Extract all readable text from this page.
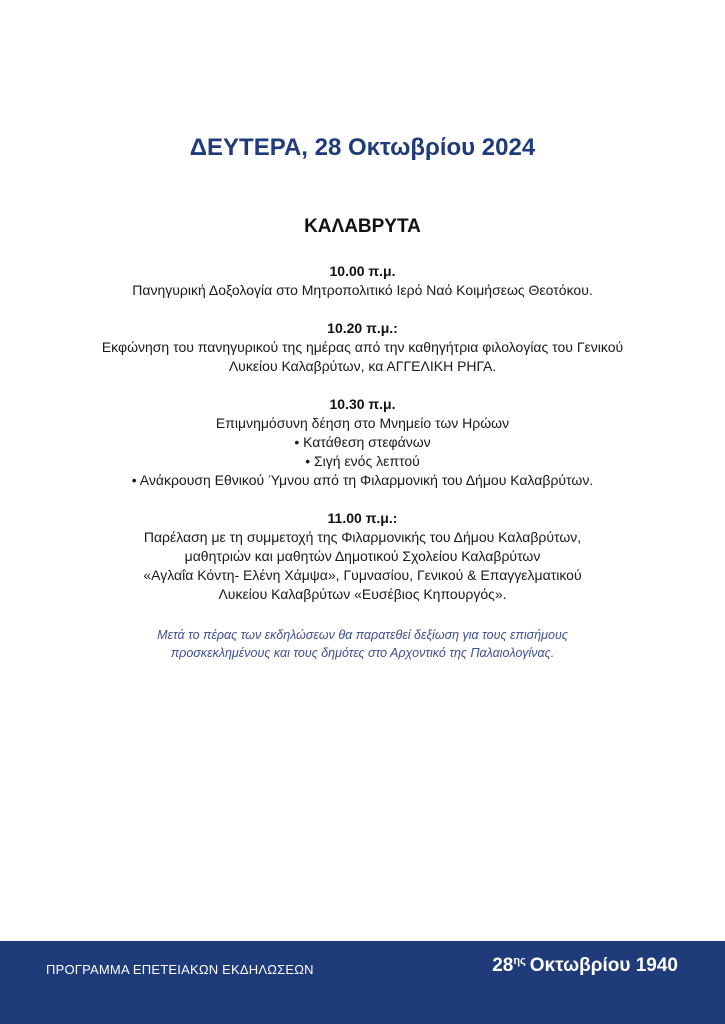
ΔΕΥΤΕΡΑ, 28 Οκτωβρίου 2024
ΚΑΛΑΒΡΥΤΑ
10.00 π.μ.
Πανηγυρική Δοξολογία στο Μητροπολιτικό Ιερό Ναό Κοιμήσεως Θεοτόκου.
10.20 π.μ.:
Εκφώνηση του πανηγυρικού της ημέρας από την καθηγήτρια φιλολογίας του Γενικού
Λυκείου Καλαβρύτων, κα ΑΓΓΕΛΙΚΗ ΡΗΓΑ.
10.30 π.μ.
Επιμνημόσυνη δέηση στο Μνημείο των Ηρώων
• Κατάθεση στεφάνων
• Σιγή ενός λεπτού
• Ανάκρουση Εθνικού Ύμνου από τη Φιλαρμονική του Δήμου Καλαβρύτων.
11.00 π.μ.:
Παρέλαση με τη συμμετοχή της Φιλαρμονικής του Δήμου Καλαβρύτων,
μαθητριών και μαθητών Δημοτικού Σχολείου Καλαβρύτων
«Αγλαΐα Κόντη- Ελένη Χάμψα», Γυμνασίου, Γενικού & Επαγγελματικού
Λυκείου Καλαβρύτων «Ευσέβιος Κηπουργός».
Μετά το πέρας των εκδηλώσεων θα παρατεθεί δεξίωση για τους επισήμους
προσκεκλημένους και τους δημότες στο Αρχοντικό της Παλαιολογίνας.
ΠΡΟΓΡΑΜΜΑ ΕΠΕΤΕΙΑΚΩΝ ΕΚΔΗΛΩΣΕΩΝ	$28^{\eta\varsigma}$ Οκτωβρίου 1940
